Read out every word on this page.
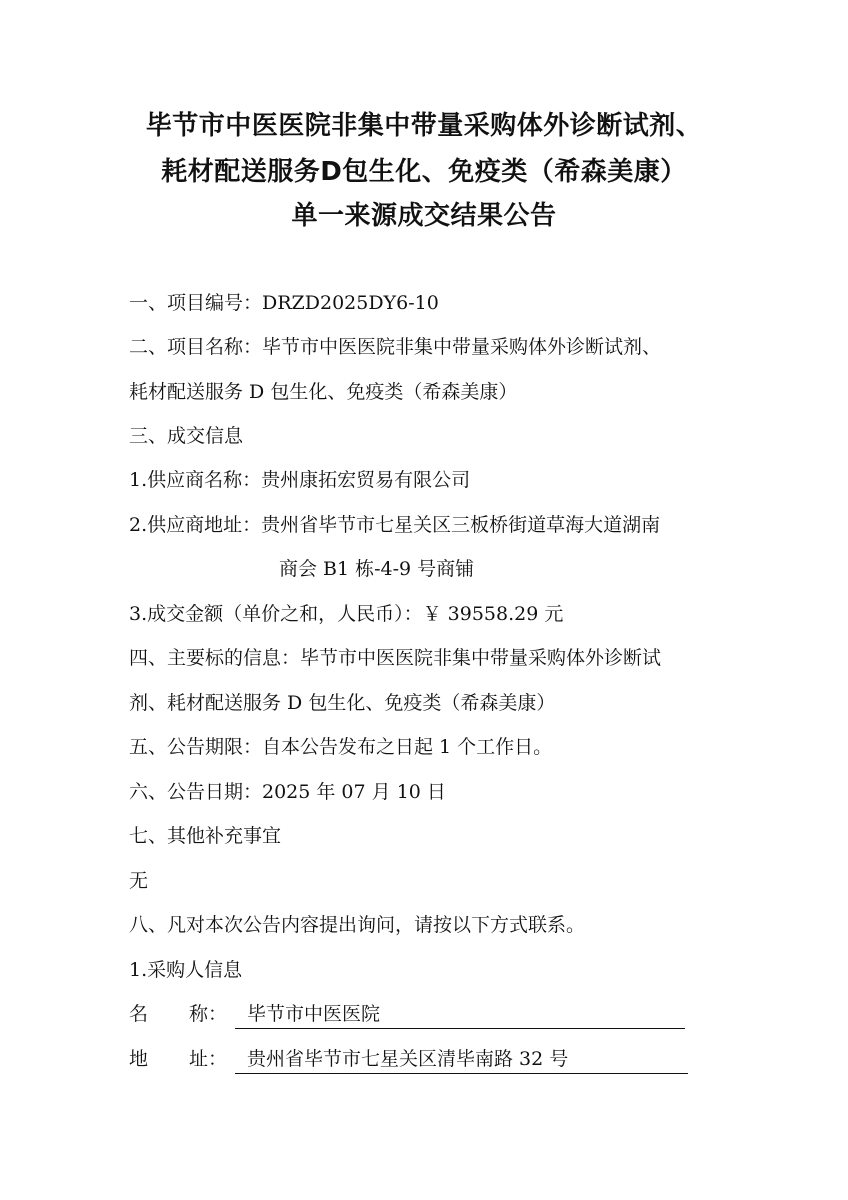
毕节市中医医院非集中带量采购体外诊断试剂、
耗材配送服务D包生化、免疫类（希森美康）
单一来源成交结果公告
一、项目编号：DRZD2025DY6-10
二、项目名称：毕节市中医医院非集中带量采购体外诊断试剂、
耗材配送服务 D 包生化、免疫类（希森美康）
三、成交信息
1.供应商名称：贵州康拓宏贸易有限公司
2.供应商地址：贵州省毕节市七星关区三板桥街道草海大道湖南
商会 B1 栋-4-9 号商铺
3.成交金额（单价之和，人民币）：￥ 39558.29 元
四、主要标的信息：毕节市中医医院非集中带量采购体外诊断试
剂、耗材配送服务 D 包生化、免疫类（希森美康）
五、公告期限：自本公告发布之日起 1 个工作日。
六、公告日期：2025 年 07 月 10 日
七、其他补充事宜
无
八、凡对本次公告内容提出询问，请按以下方式联系。
1.采购人信息
名 称：	毕节市中医医院
地 址：	贵州省毕节市七星关区清毕南路 32 号
